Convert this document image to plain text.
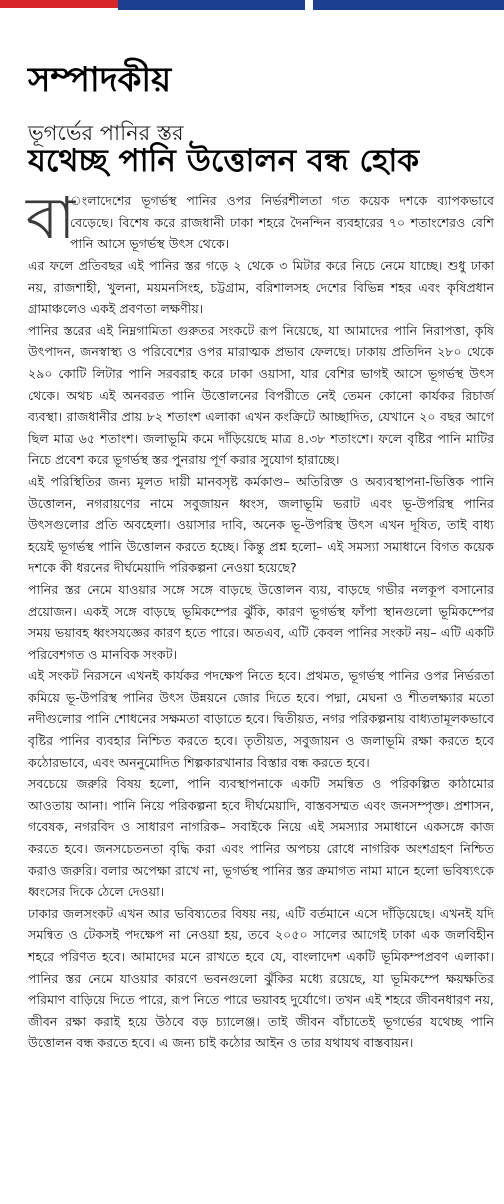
সম্পাদকীয়
ভূগর্ভের পানির স্তর
যথেচ্ছ পানি উত্তোলন বন্ধ হোক
বা
ংলাদেশের ভূগর্ভস্থ পানির ওপর নির্ভরশীলতা গত কয়েক দশকে ব্যাপকভাবে বেড়েছে। বিশেষ করে রাজধানী ঢাকা শহরে দৈনন্দিন ব্যবহারের ৭০ শতাংশেরও বেশি পানি আসে ভূগর্ভস্থ উৎস থেকে।

এর ফলে প্রতিবছর এই পানির স্তর গড়ে ২ থেকে ৩ মিটার করে নিচে নেমে যাচ্ছে। শুধু ঢাকা নয়, রাজশাহী, খুলনা, ময়মনসিংহ, চট্টগ্রাম, বরিশালসহ দেশের বিভিন্ন শহর এবং কৃষিপ্রধান গ্রামাঞ্চলেও একই প্রবণতা লক্ষণীয়।

পানির স্তরের এই নিম্নগামিতা গুরুতর সংকটে রূপ নিয়েছে, যা আমাদের পানি নিরাপত্তা, কৃষি উৎপাদন, জনস্বাস্থ্য ও পরিবেশের ওপর মারাত্মক প্রভাব ফেলছে। ঢাকায় প্রতিদিন ২৮০ থেকে ২৯০ কোটি লিটার পানি সরবরাহ করে ঢাকা ওয়াসা, যার বেশির ভাগই আসে ভূগর্ভস্থ উৎস থেকে। অথচ এই অনবরত পানি উত্তোলনের বিপরীতে নেই তেমন কোনো কার্যকর রিচার্জ ব্যবস্থা। রাজধানীর প্রায় ৮২ শতাংশ এলাকা এখন কংক্রিটে আচ্ছাদিত, যেখানে ২০ বছর আগে ছিল মাত্র ৬৫ শতাংশ। জলাভূমি কমে দাঁড়িয়েছে মাত্র ৪.৩৮ শতাংশে। ফলে বৃষ্টির পানি মাটির নিচে প্রবেশ করে ভূগর্ভস্থ স্তর পুনরায় পূর্ণ করার সুযোগ হারাচ্ছে।

এই পরিস্থিতির জন্য মূলত দায়ী মানবসৃষ্ট কর্মকাণ্ড– অতিরিক্ত ও অব্যবস্থাপনা-ভিত্তিক পানি উত্তোলন, নগরায়ণের নামে সবুজায়ন ধ্বংস, জলাভূমি ভরাট এবং ভূ-উপরিস্থ পানির উৎসগুলোর প্রতি অবহেলা। ওয়াসার দাবি, অনেক ভূ-উপরিস্থ উৎস এখন দূষিত, তাই বাধ্য হয়েই ভূগর্ভস্থ পানি উত্তোলন করতে হচ্ছে। কিন্তু প্রশ্ন হলো– এই সমস্যা সমাধানে বিগত কয়েক দশকে কী ধরনের দীর্ঘমেয়াদি পরিকল্পনা নেওয়া হয়েছে?

পানির স্তর নেমে যাওয়ার সঙ্গে সঙ্গে বাড়ছে উত্তোলন ব্যয়, বাড়ছে গভীর নলকূপ বসানোর প্রয়োজন। একই সঙ্গে বাড়ছে ভূমিকম্পের ঝুঁকি, কারণ ভূগর্ভস্থ ফাঁপা স্থানগুলো ভূমিকম্পের সময় ভয়াবহ ধ্বংসযজ্ঞের কারণ হতে পারে। অতএব, এটি কেবল পানির সংকট নয়– এটি একটি পরিবেশগত ও মানবিক সংকট।

এই সংকট নিরসনে এখনই কার্যকর পদক্ষেপ নিতে হবে। প্রথমত, ভূগর্ভস্থ পানির ওপর নির্ভরতা কমিয়ে ভূ-উপরিস্থ পানির উৎস উন্নয়নে জোর দিতে হবে। পদ্মা, মেঘনা ও শীতলক্ষ্যার মতো নদীগুলোর পানি শোধনের সক্ষমতা বাড়াতে হবে। দ্বিতীয়ত, নগর পরিকল্পনায় বাধ্যতামূলকভাবে বৃষ্টির পানির ব্যবহার নিশ্চিত করতে হবে। তৃতীয়ত, সবুজায়ন ও জলাভূমি রক্ষা করতে হবে কঠোরভাবে, এবং অননুমোদিত শিল্পকারখানার বিস্তার বন্ধ করতে হবে।

সবচেয়ে জরুরি বিষয় হলো, পানি ব্যবস্থাপনাকে একটি সমন্বিত ও পরিকল্পিত কাঠামোর আওতায় আনা। পানি নিয়ে পরিকল্পনা হবে দীর্ঘমেয়াদি, বাস্তবসম্মত এবং জনসম্পৃক্ত। প্রশাসন, গবেষক, নগরবিদ ও সাধারণ নাগরিক– সবাইকে নিয়ে এই সমস্যার সমাধানে একসঙ্গে কাজ করতে হবে। জনসচেতনতা বৃদ্ধি করা এবং পানির অপচয় রোধে নাগরিক অংশগ্রহণ নিশ্চিত করাও জরুরি। বলার অপেক্ষা রাখে না, ভূগর্ভস্থ পানির স্তর ক্রমাগত নামা মানে হলো ভবিষ্যৎকে ধ্বংসের দিকে ঠেলে দেওয়া।

ঢাকার জলসংকট এখন আর ভবিষ্যতের বিষয় নয়, এটি বর্তমানে এসে দাঁড়িয়েছে। এখনই যদি সমন্বিত ও টেকসই পদক্ষেপ না নেওয়া হয়, তবে ২০৫০ সালের আগেই ঢাকা এক জলবিহীন শহরে পরিণত হবে। আমাদের মনে রাখতে হবে যে, বাংলাদেশ একটি ভূমিকম্পপ্রবণ এলাকা। পানির স্তর নেমে যাওয়ার কারণে ভবনগুলো ঝুঁকির মধ্যে রয়েছে, যা ভূমিকম্পে ক্ষয়ক্ষতির পরিমাণ বাড়িয়ে দিতে পারে, রূপ নিতে পারে ভয়াবহ দুর্যোগে। তখন এই শহরে জীবনধারণ নয়, জীবন রক্ষা করাই হয়ে উঠবে বড় চ্যালেঞ্জ। তাই জীবন বাঁচাতেই ভূগর্ভের যথেচ্ছ পানি উত্তোলন বন্ধ করতে হবে। এ জন্য চাই কঠোর আইন ও তার যথাযথ বাস্তবায়ন।
